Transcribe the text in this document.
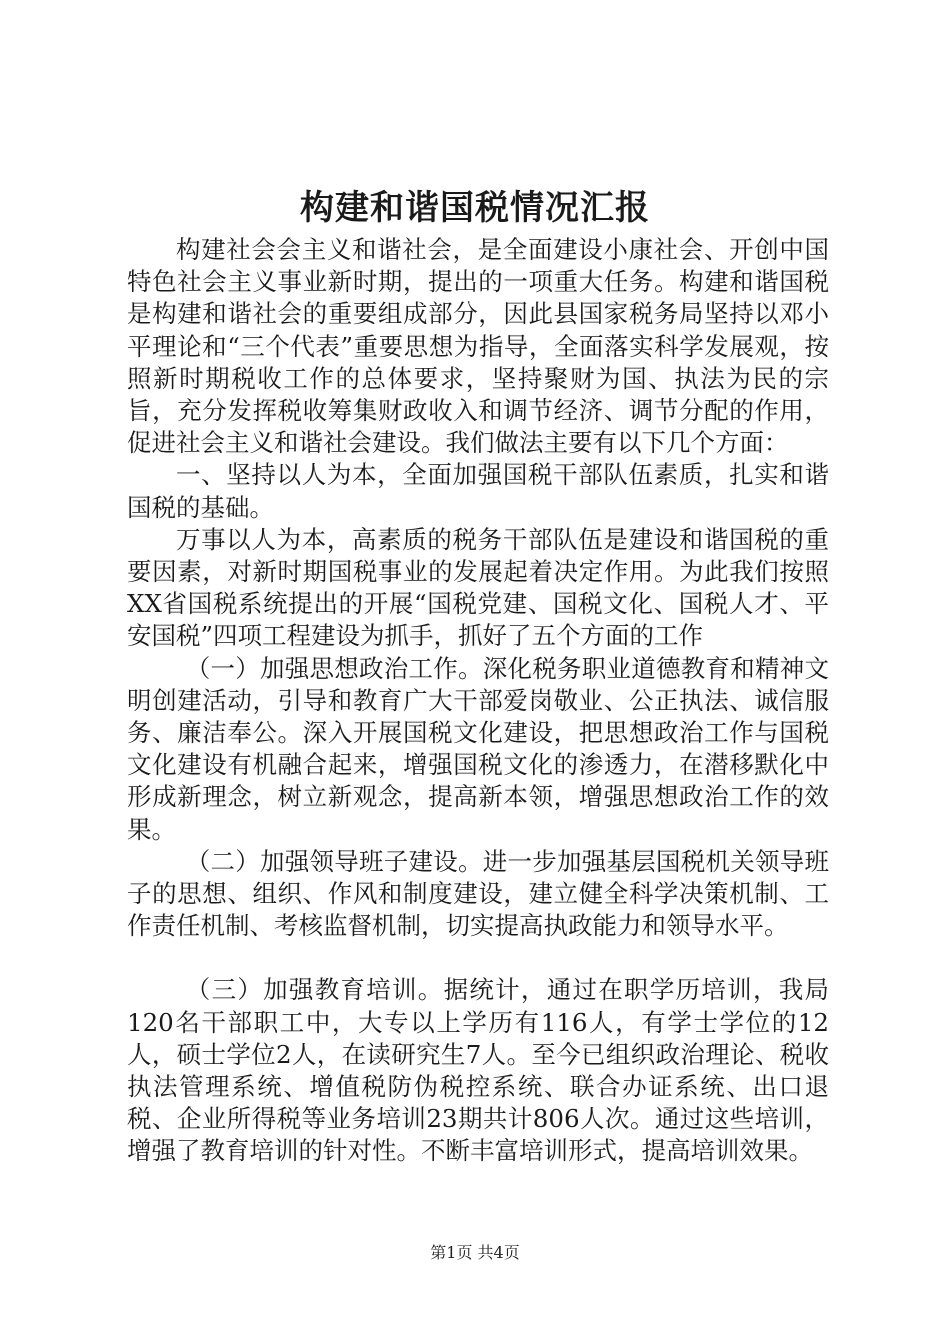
构建和谐国税情况汇报

构建社会会主义和谐社会，是全面建设小康社会、开创中国特色社会主义事业新时期，提出的一项重大任务。构建和谐国税是构建和谐社会的重要组成部分，因此县国家税务局坚持以邓小平理论和“三个代表”重要思想为指导，全面落实科学发展观，按照新时期税收工作的总体要求，坚持聚财为国、执法为民的宗旨，充分发挥税收筹集财政收入和调节经济、调节分配的作用，促进社会主义和谐社会建设。我们做法主要有以下几个方面：

一、坚持以人为本，全面加强国税干部队伍素质，扎实和谐国税的基础。

万事以人为本，高素质的税务干部队伍是建设和谐国税的重要因素，对新时期国税事业的发展起着决定作用。为此我们按照XX省国税系统提出的开展“国税党建、国税文化、国税人才、平安国税”四项工程建设为抓手，抓好了五个方面的工作

（一）加强思想政治工作。深化税务职业道德教育和精神文明创建活动，引导和教育广大干部爱岗敬业、公正执法、诚信服务、廉洁奉公。深入开展国税文化建设，把思想政治工作与国税文化建设有机融合起来，增强国税文化的渗透力，在潜移默化中形成新理念，树立新观念，提高新本领，增强思想政治工作的效果。

（二）加强领导班子建设。进一步加强基层国税机关领导班子的思想、组织、作风和制度建设，建立健全科学决策机制、工作责任机制、考核监督机制，切实提高执政能力和领导水平。

（三）加强教育培训。据统计，通过在职学历培训，我局120名干部职工中，大专以上学历有116人，有学士学位的12人，硕士学位2人，在读研究生7人。至今已组织政治理论、税收执法管理系统、增值税防伪税控系统、联合办证系统、出口退税、企业所得税等业务培训23期共计806人次。通过这些培训，增强了教育培训的针对性。不断丰富培训形式，提高培训效果。

第1页 共4页
